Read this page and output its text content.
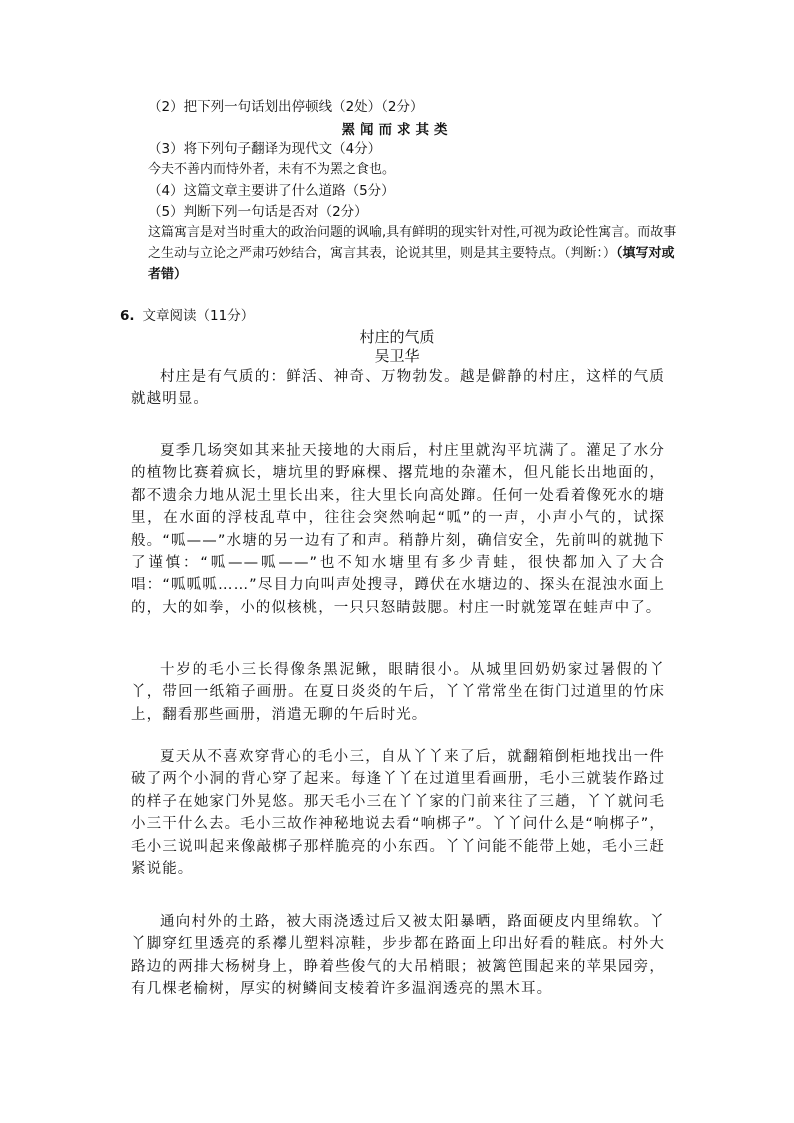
（2）把下列一句话划出停顿线（2处）（2分）

罴闻而求其类

（3）将下列句子翻译为现代文（4分）

今夫不善内而恃外者，未有不为罴之食也。

（4）这篇文章主要讲了什么道路（5分）

（5）判断下列一句话是否对（2分）

这篇寓言是对当时重大的政治问题的讽喻,具有鲜明的现实针对性,可视为政论性寓言。而故事之生动与立论之严肃巧妙结合，寓言其表，论说其里，则是其主要特点。（判断：）（填写对或者错）

6. 文章阅读（11分）

村庄的气质

吴卫华

村庄是有气质的：鲜活、神奇、万物勃发。越是僻静的村庄，这样的气质就越明显。

夏季几场突如其来扯天接地的大雨后，村庄里就沟平坑满了。灌足了水分的植物比赛着疯长，塘坑里的野麻棵、撂荒地的杂灌木，但凡能长出地面的，都不遗余力地从泥土里长出来，往大里长向高处蹿。任何一处看着像死水的塘里，在水面的浮枝乱草中，往往会突然响起“呱”的一声，小声小气的，试探般。“呱——”水塘的另一边有了和声。稍静片刻，确信安全，先前叫的就抛下了谨慎：“呱——呱——”也不知水塘里有多少青蛙，很快都加入了大合唱：“呱呱呱……”尽目力向叫声处搜寻，蹲伏在水塘边的、探头在混浊水面上的，大的如拳，小的似核桃，一只只怒睛鼓腮。村庄一时就笼罩在蛙声中了。

十岁的毛小三长得像条黑泥鳅，眼睛很小。从城里回奶奶家过暑假的丫丫，带回一纸箱子画册。在夏日炎炎的午后，丫丫常常坐在街门过道里的竹床上，翻看那些画册，消遣无聊的午后时光。

夏天从不喜欢穿背心的毛小三，自从丫丫来了后，就翻箱倒柜地找出一件破了两个小洞的背心穿了起来。每逢丫丫在过道里看画册，毛小三就装作路过的样子在她家门外晃悠。那天毛小三在丫丫家的门前来往了三趟，丫丫就问毛小三干什么去。毛小三故作神秘地说去看“响梆子”。丫丫问什么是“响梆子”，毛小三说叫起来像敲梆子那样脆亮的小东西。丫丫问能不能带上她，毛小三赶紧说能。

通向村外的土路，被大雨浇透过后又被太阳暴晒，路面硬皮内里绵软。丫丫脚穿红里透亮的系襻儿塑料凉鞋，步步都在路面上印出好看的鞋底。村外大路边的两排大杨树身上，睁着些俊气的大吊梢眼；被篱笆围起来的苹果园旁，有几棵老榆树，厚实的树鳞间支棱着许多温润透亮的黑木耳。
